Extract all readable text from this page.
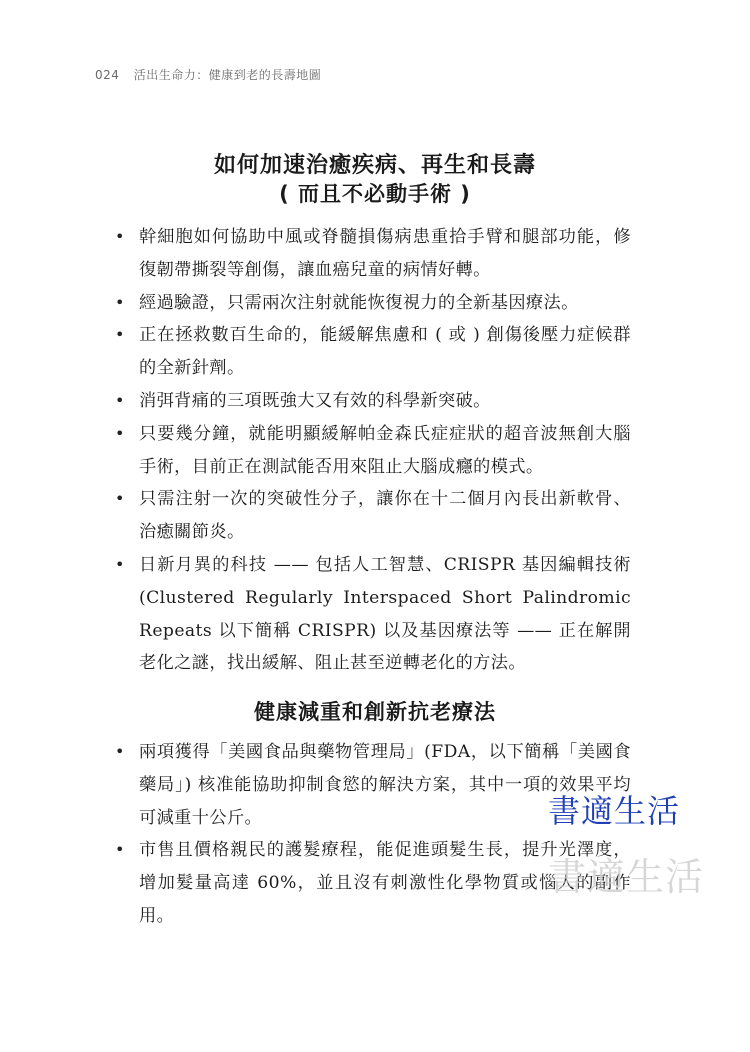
024 活出生命力：健康到老的長壽地圖
如何加速治癒疾病、再生和長壽
( 而且不必動手術 )
• 幹細胞如何協助中風或脊髓損傷病患重拾手臂和腿部功能，修復韌帶撕裂等創傷，讓血癌兒童的病情好轉。
• 經過驗證，只需兩次注射就能恢復視力的全新基因療法。
• 正在拯救數百生命的，能緩解焦慮和 ( 或 ) 創傷後壓力症候群的全新針劑。
• 消弭背痛的三項既強大又有效的科學新突破。
• 只要幾分鐘，就能明顯緩解帕金森氏症症狀的超音波無創大腦手術，目前正在測試能否用來阻止大腦成癮的模式。
• 只需注射一次的突破性分子，讓你在十二個月內長出新軟骨、治癒關節炎。
• 日新月異的科技 —— 包括人工智慧、CRISPR 基因編輯技術 (Clustered Regularly Interspaced Short Palindromic Repeats 以下簡稱 CRISPR) 以及基因療法等 —— 正在解開老化之謎，找出緩解、阻止甚至逆轉老化的方法。
健康減重和創新抗老療法
• 兩項獲得「美國食品與藥物管理局」(FDA，以下簡稱「美國食藥局」) 核准能協助抑制食慾的解決方案，其中一項的效果平均可減重十公斤。
• 市售且價格親民的護髮療程，能促進頭髮生長，提升光澤度，增加髮量高達 60%，並且沒有刺激性化學物質或惱人的副作用。
書適生活
書適生活
